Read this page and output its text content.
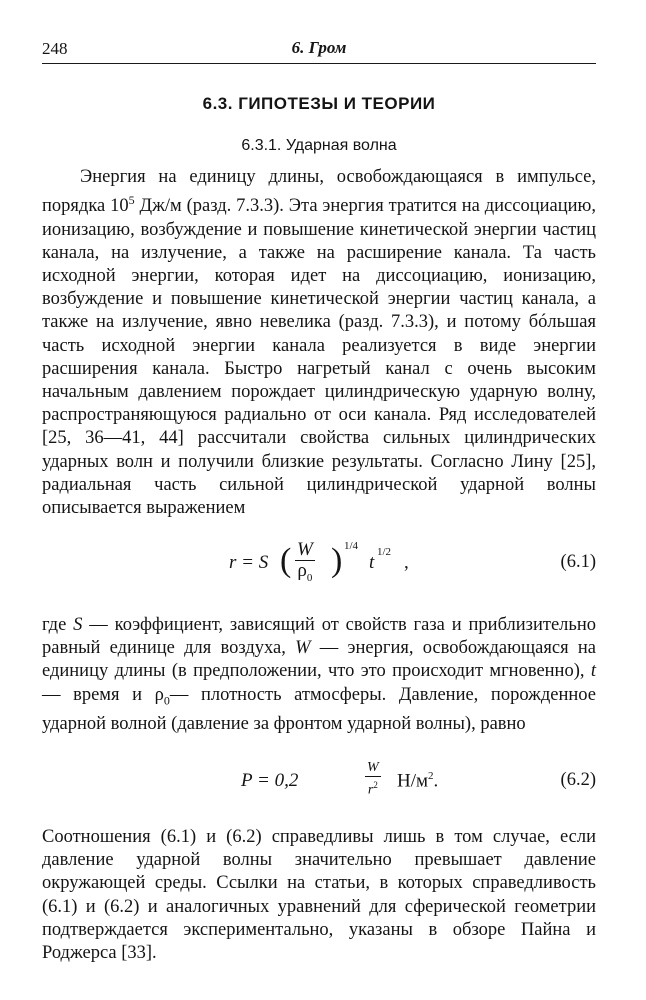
248	6. Гром
6.3. ГИПОТЕЗЫ И ТЕОРИИ
6.3.1. Ударная волна

Энергия на единицу длины, освобождающаяся в импульсе, порядка $10^5$ Дж/м (разд. 7.3.3). Эта энергия тратится на диссоциацию, ионизацию, возбуждение и повышение кинетической энергии частиц канала, на излучение, а также на расширение канала. Та часть исходной энергии, которая идет на диссоциацию, ионизацию, возбуждение и повышение кинетической энергии частиц канала, а также на излучение, явно невелика (разд. 7.3.3), и потому бóльшая часть исходной энергии канала реализуется в виде энергии расширения канала. Быстро нагретый канал с очень высоким начальным давлением порождает цилиндрическую ударную волну, распространяющуюся радиально от оси канала. Ряд исследователей [25, 36—41, 44] рассчитали свойства сильных цилиндрических ударных волн и получили близкие результаты. Согласно Лину [25], радиальная часть сильной цилиндрической ударной волны описывается выражением

r = S ( $\frac{W}{\rho_0}$ ) 1/4
t 1/2 ,	(6.1)

где S — коэффициент, зависящий от свойств газа и приблизительно равный единице для воздуха, W — энергия, освобождающаяся на единицу длины (в предположении, что это происходит мгновенно), t — время и $\rho_0—$ плотность атмосферы. Давление, порожденное ударной волной (давление за фронтом ударной волны), равно

P = 0,2	$\frac{W}{r^2} Н/м^2$.	(6.2)

Соотношения (6.1) и (6.2) справедливы лишь в том случае, если давление ударной волны значительно превышает давление окружающей среды. Ссылки на статьи, в которых справедливость (6.1) и (6.2) и аналогичных уравнений для сферической геометрии подтверждается экспериментально, указаны в обзоре Пайна и Роджерса [33].
